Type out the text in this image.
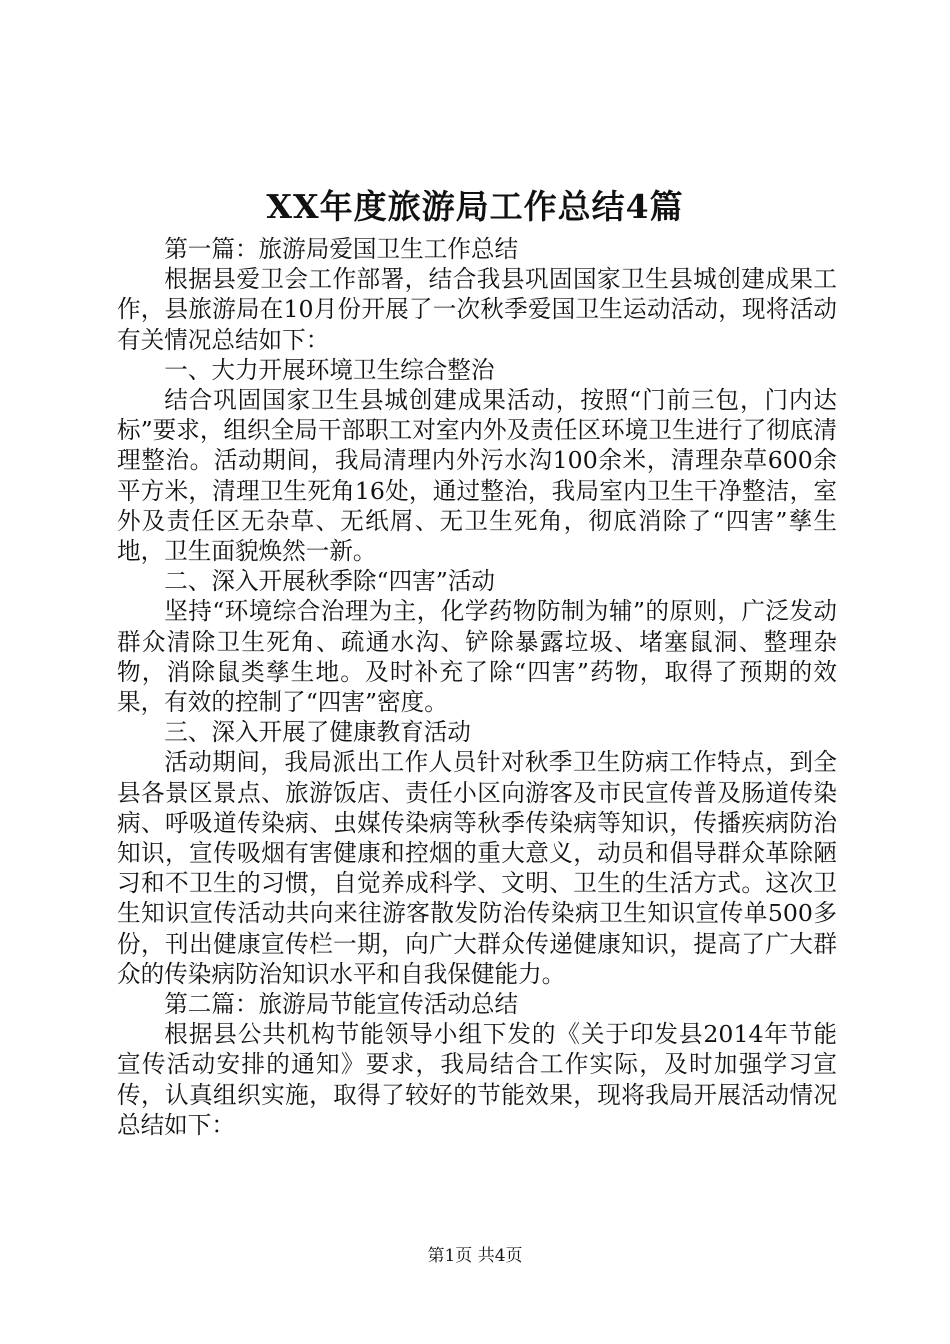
XX年度旅游局工作总结4篇

第一篇：旅游局爱国卫生工作总结

根据县爱卫会工作部署，结合我县巩固国家卫生县城创建成果工作，县旅游局在10月份开展了一次秋季爱国卫生运动活动，现将活动有关情况总结如下：

一、大力开展环境卫生综合整治

结合巩固国家卫生县城创建成果活动，按照“门前三包，门内达标”要求，组织全局干部职工对室内外及责任区环境卫生进行了彻底清理整治。活动期间，我局清理内外污水沟100余米，清理杂草600余平方米，清理卫生死角16处，通过整治，我局室内卫生干净整洁，室外及责任区无杂草、无纸屑、无卫生死角，彻底消除了“四害”孳生地，卫生面貌焕然一新。

二、深入开展秋季除“四害”活动

坚持“环境综合治理为主，化学药物防制为辅”的原则，广泛发动群众清除卫生死角、疏通水沟、铲除暴露垃圾、堵塞鼠洞、整理杂物，消除鼠类孳生地。及时补充了除“四害”药物，取得了预期的效果，有效的控制了“四害”密度。

三、深入开展了健康教育活动

活动期间，我局派出工作人员针对秋季卫生防病工作特点，到全县各景区景点、旅游饭店、责任小区向游客及市民宣传普及肠道传染病、呼吸道传染病、虫媒传染病等秋季传染病等知识，传播疾病防治知识，宣传吸烟有害健康和控烟的重大意义，动员和倡导群众革除陋习和不卫生的习惯，自觉养成科学、文明、卫生的生活方式。这次卫生知识宣传活动共向来往游客散发防治传染病卫生知识宣传单500多份，刊出健康宣传栏一期，向广大群众传递健康知识，提高了广大群众的传染病防治知识水平和自我保健能力。

第二篇：旅游局节能宣传活动总结

根据县公共机构节能领导小组下发的《关于印发县2014年节能宣传活动安排的通知》要求，我局结合工作实际，及时加强学习宣传，认真组织实施，取得了较好的节能效果，现将我局开展活动情况总结如下：

第1页 共4页
